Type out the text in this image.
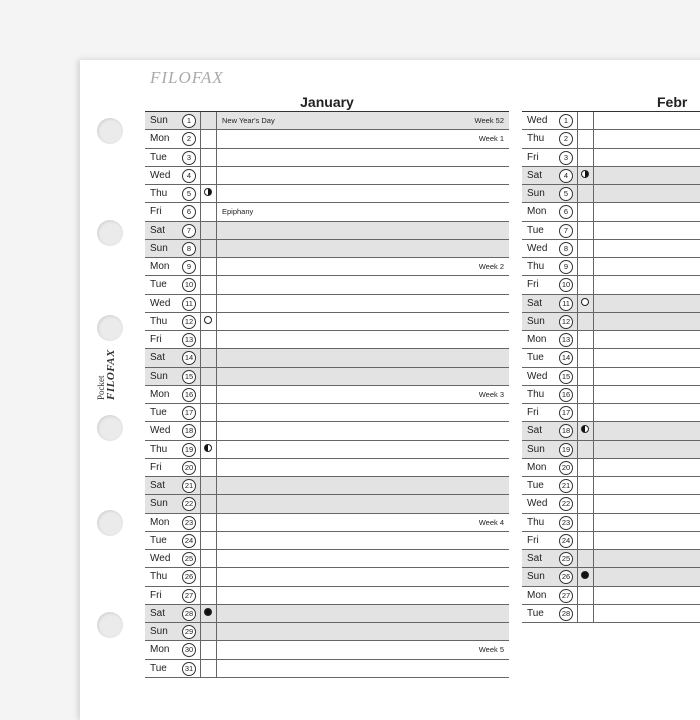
FILOFAX
Pocket FILOFAX
January
Sun	1	New Year's Day	Week 52
Mon	2	Week 1
Tue	3
Wed	4
Thu	5
Fri	6	Epiphany
Sat	7
Sun	8
Mon	9	Week 2
Tue	10
Wed	11
Thu	12
Fri	13
Sat	14
Sun	15
Mon	16	Week 3
Tue	17
Wed	18
Thu	19
Fri	20
Sat	21
Sun	22
Mon	23	Week 4
Tue	24
Wed	25
Thu	26
Fri	27
Sat	28
Sun	29
Mon	30	Week 5
Tue	31
Febr
Wed	1
Thu	2
Fri	3
Sat	4
Sun	5
Mon	6
Tue	7
Wed	8
Thu	9
Fri	10
Sat	11
Sun	12
Mon	13
Tue	14
Wed	15
Thu	16
Fri	17
Sat	18
Sun	19
Mon	20
Tue	21
Wed	22
Thu	23
Fri	24
Sat	25
Sun	26
Mon	27
Tue	28
